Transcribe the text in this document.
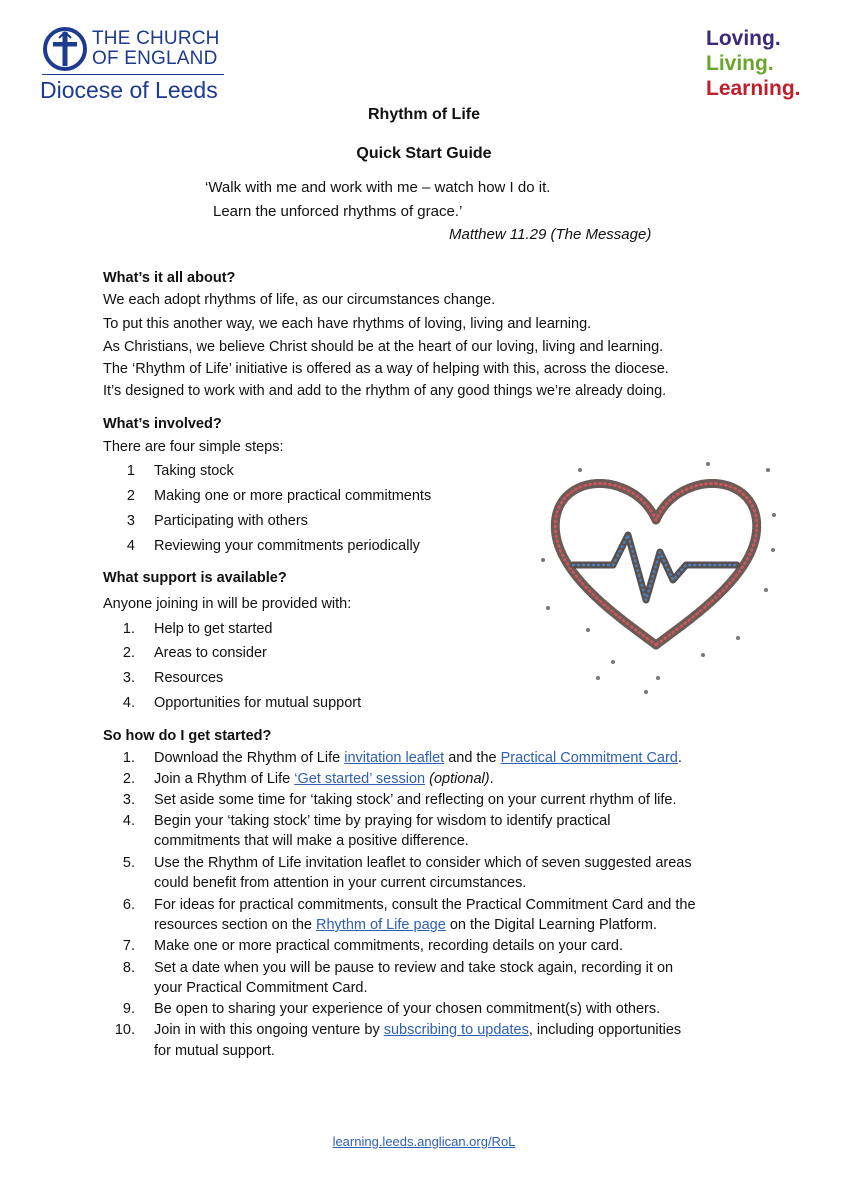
THE CHURCH
OF ENGLAND
Diocese of Leeds
Loving.
Living.
Learning.
Rhythm of Life
Quick Start Guide
‘Walk with me and work with me – watch how I do it.
Learn the unforced rhythms of grace.’
Matthew 11.29 (The Message)
What’s it all about?
We each adopt rhythms of life, as our circumstances change.
To put this another way, we each have rhythms of loving, living and learning.
As Christians, we believe Christ should be at the heart of our loving, living and learning.
The ‘Rhythm of Life’ initiative is offered as a way of helping with this, across the diocese.
It’s designed to work with and add to the rhythm of any good things we’re already doing.
What’s involved?
There are four simple steps:
1 Taking stock
2 Making one or more practical commitments
3 Participating with others
4 Reviewing your commitments periodically
What support is available?
Anyone joining in will be provided with:
1. Help to get started
2. Areas to consider
3. Resources
4. Opportunities for mutual support
So how do I get started?
1. Download the Rhythm of Life invitation leaflet and the Practical Commitment Card.
2. Join a Rhythm of Life ‘Get started’ session (optional).
3. Set aside some time for ‘taking stock’ and reflecting on your current rhythm of life.
4. Begin your ‘taking stock’ time by praying for wisdom to identify practical
commitments that will make a positive difference.
5. Use the Rhythm of Life invitation leaflet to consider which of seven suggested areas
could benefit from attention in your current circumstances.
6. For ideas for practical commitments, consult the Practical Commitment Card and the
resources section on the Rhythm of Life page on the Digital Learning Platform.
7. Make one or more practical commitments, recording details on your card.
8. Set a date when you will be pause to review and take stock again, recording it on
your Practical Commitment Card.
9. Be open to sharing your experience of your chosen commitment(s) with others.
10. Join in with this ongoing venture by subscribing to updates, including opportunities
for mutual support.
learning.leeds.anglican.org/RoL
